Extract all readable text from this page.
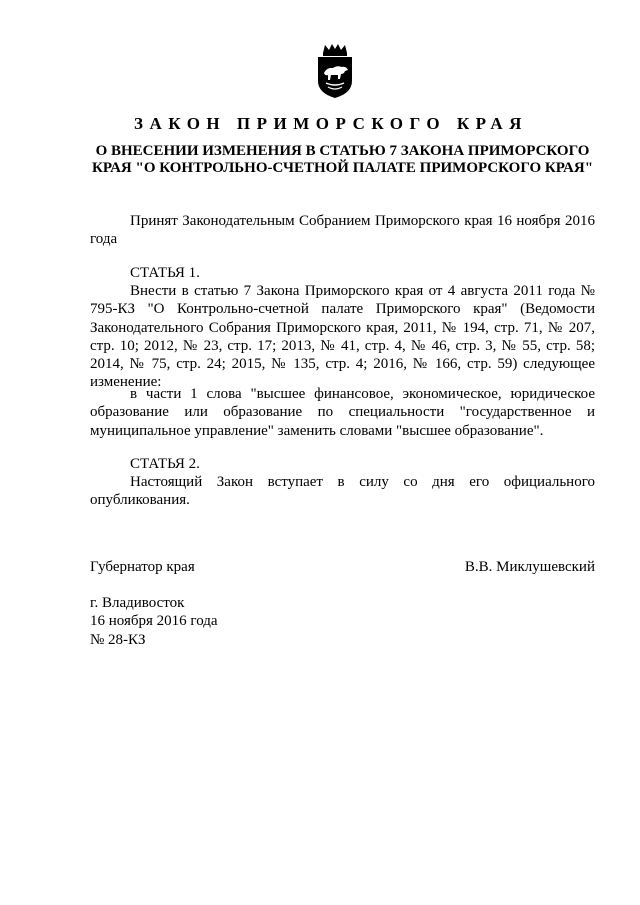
ЗАКОН ПРИМОРСКОГО КРАЯ
О ВНЕСЕНИИ ИЗМЕНЕНИЯ В СТАТЬЮ 7 ЗАКОНА ПРИМОРСКОГО КРАЯ "О КОНТРОЛЬНО-СЧЕТНОЙ ПАЛАТЕ ПРИМОРСКОГО КРАЯ"
Принят Законодательным Собранием Приморского края 16 ноября 2016 года
СТАТЬЯ 1.
Внести в статью 7 Закона Приморского края от 4 августа 2011 года № 795-КЗ "О Контрольно-счетной палате Приморского края" (Ведомости Законодательного Собрания Приморского края, 2011, № 194, стр. 71, № 207, стр. 10; 2012, № 23, стр. 17; 2013, № 41, стр. 4, № 46, стр. 3, № 55, стр. 58; 2014, № 75, стр. 24; 2015, № 135, стр. 4; 2016, № 166, стр. 59) следующее изменение:
в части 1 слова "высшее финансовое, экономическое, юридическое образование или образование по специальности "государственное и муниципальное управление" заменить словами "высшее образование".
СТАТЬЯ 2.
Настоящий Закон вступает в силу со дня его официального опубликования.
Губернатор края	В.В. Миклушевский
г. Владивосток
16 ноября 2016 года
№ 28-КЗ
